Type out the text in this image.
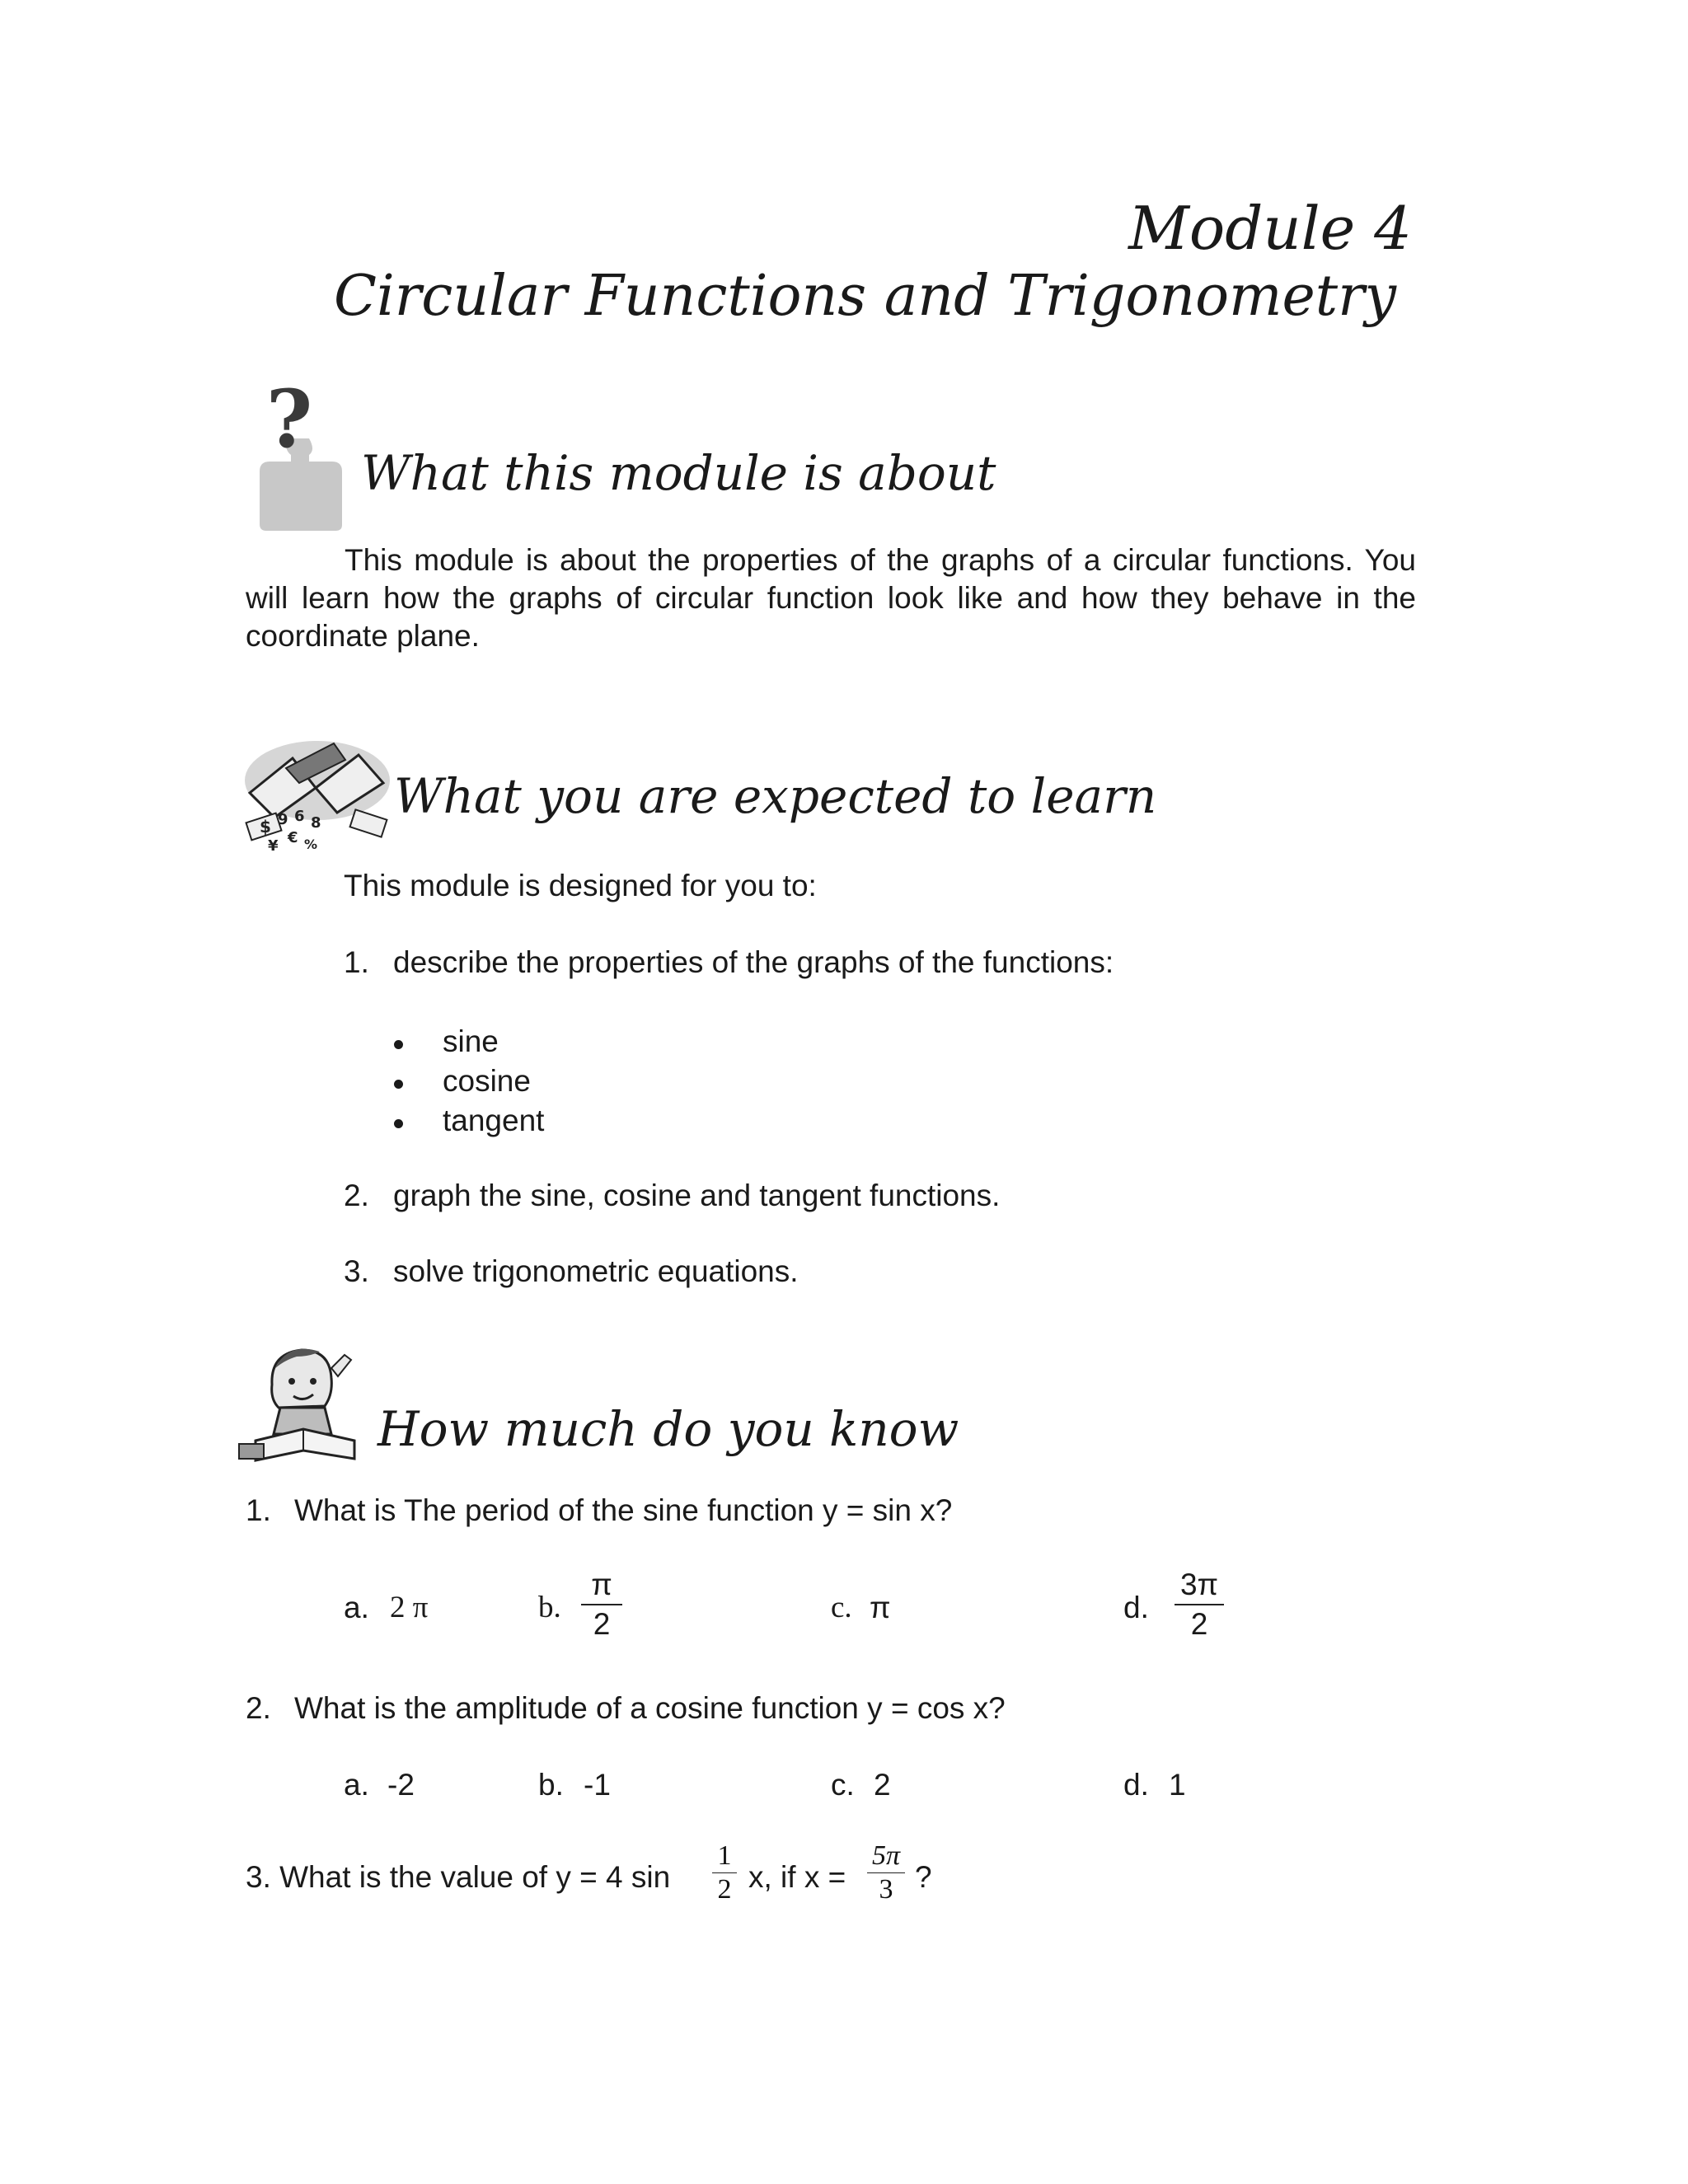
Module 4
Circular Functions and Trigonometry
?
What this module is about
This module is about the properties of the graphs of a circular functions. You will learn how the graphs of circular function look like and how they behave in the coordinate plane.
$ 9 6 8
¥ € %
What you are expected to learn
This module is designed for you to:
1. describe the properties of the graphs of the functions:
sine
cosine
tangent
2. graph the sine, cosine and tangent functions.
3. solve trigonometric equations.
How much do you know
1. What is The period of the sine function y = sin x?
a. 2 π	b.
π
2	c. π	d.
3π
2
2. What is the amplitude of a cosine function y = cos x?
a. -2	b. -1	c. 2	d. 1
3. What is the value of y = 4 sin
1
2 x, if x =
5π
3 ?
